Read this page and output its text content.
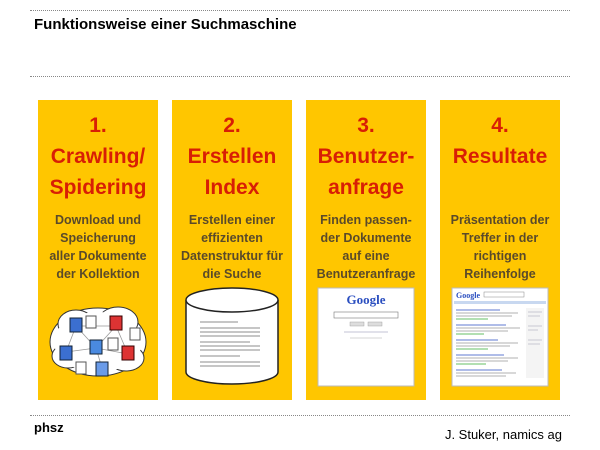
Funktionsweise einer Suchmaschine
1.
Crawling/
Spidering
Download und
Speicherung
aller Dokumente
der Kollektion
2.
Erstellen
Index
Erstellen einer
effizienten
Datenstruktur für
die Suche
3.
Benutzer-
anfrage
Finden passen-
der Dokumente
auf eine
Benutzeranfrage
Google
4.
Resultate
Präsentation der
Treffer in der
richtigen
Reihenfolge
Google
phsz	J. Stuker, namics ag
